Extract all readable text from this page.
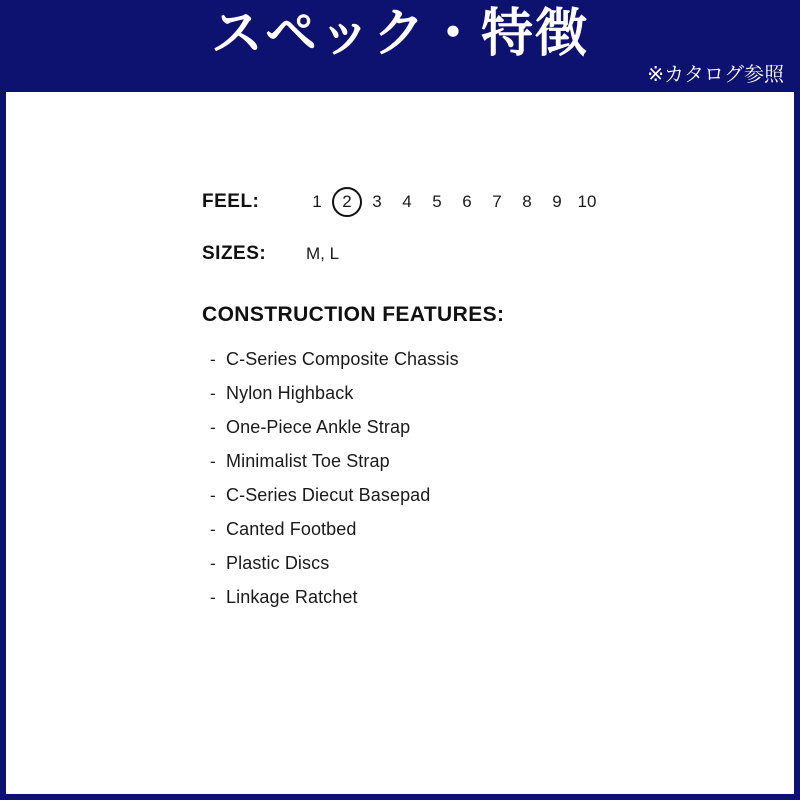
スペック・特徴
※カタログ参照
FEEL:	1	2	3	4	5	6	7	8	9 10
SIZES:	M, L
CONSTRUCTION FEATURES:
- C-Series Composite Chassis
- Nylon Highback
- One-Piece Ankle Strap
- Minimalist Toe Strap
- C-Series Diecut Basepad
- Canted Footbed
- Plastic Discs
- Linkage Ratchet
